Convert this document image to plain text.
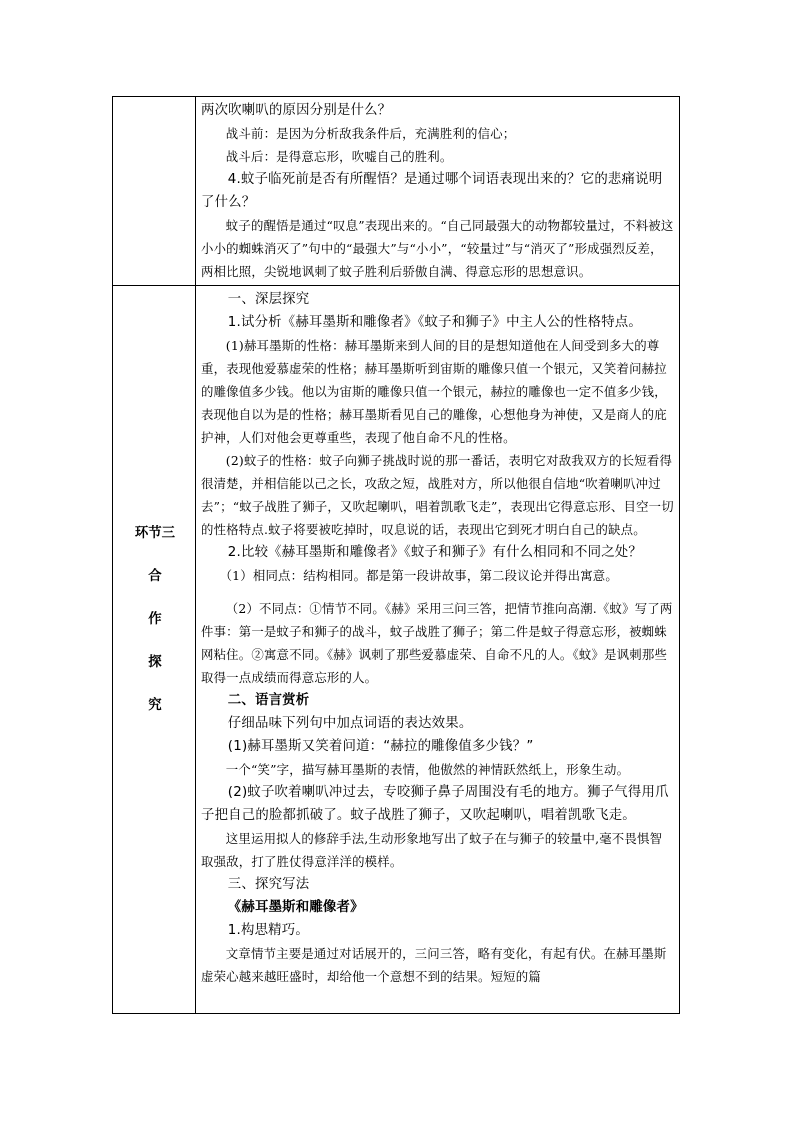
两次吹喇叭的原因分别是什么？

战斗前：是因为分析敌我条件后，充满胜利的信心；

战斗后：是得意忘形，吹嘘自己的胜利。

4.蚊子临死前是否有所醒悟？是通过哪个词语表现出来的？它的悲痛说明了什么？

蚊子的醒悟是通过“叹息”表现出来的。“自己同最强大的动物都较量过，不料被这小小的蜘蛛消灭了”句中的“最强大”与“小小”，“较量过”与“消灭了”形成强烈反差，两相比照，尖锐地讽刺了蚊子胜利后骄傲自满、得意忘形的思想意识。

环节三
合
作
探
究

一、深层探究

1.试分析《赫耳墨斯和雕像者》《蚊子和狮子》中主人公的性格特点。

(1)赫耳墨斯的性格：赫耳墨斯来到人间的目的是想知道他在人间受到多大的尊重，表现他爱慕虚荣的性格；赫耳墨斯听到宙斯的雕像只值一个银元，又笑着问赫拉的雕像值多少钱。他以为宙斯的雕像只值一个银元，赫拉的雕像也一定不值多少钱，表现他自以为是的性格；赫耳墨斯看见自己的雕像，心想他身为神使，又是商人的庇护神，人们对他会更尊重些，表现了他自命不凡的性格。

(2)蚊子的性格：蚊子向狮子挑战时说的那一番话，表明它对敌我双方的长短看得很清楚，并相信能以己之长，攻敌之短，战胜对方，所以他很自信地“吹着喇叭冲过去”；“蚊子战胜了狮子，又吹起喇叭，唱着凯歌飞走”，表现出它得意忘形、目空一切的性格特点.蚊子将要被吃掉时，叹息说的话，表现出它到死才明白自己的缺点。

2.比较《赫耳墨斯和雕像者》《蚊子和狮子》有什么相同和不同之处？

（1）相同点：结构相同。都是第一段讲故事，第二段议论并得出寓意。

（2）不同点：①情节不同。《赫》采用三问三答，把情节推向高潮.《蚊》写了两件事：第一是蚊子和狮子的战斗，蚊子战胜了狮子；第二件是蚊子得意忘形，被蜘蛛网粘住。②寓意不同。《赫》讽刺了那些爱慕虚荣、自命不凡的人。《蚊》是讽刺那些取得一点成绩而得意忘形的人。

二、语言赏析

仔细品味下列句中加点词语的表达效果。

(1)赫耳墨斯又笑着问道：“赫拉的雕像值多少钱？”

一个“笑”字，描写赫耳墨斯的表情，他傲然的神情跃然纸上，形象生动。

(2)蚊子吹着喇叭冲过去，专咬狮子鼻子周围没有毛的地方。狮子气得用爪子把自己的脸都抓破了。蚊子战胜了狮子，又吹起喇叭，唱着凯歌飞走。

这里运用拟人的修辞手法,生动形象地写出了蚊子在与狮子的较量中,毫不畏惧智取强敌，打了胜仗得意洋洋的模样。

三、探究写法

《赫耳墨斯和雕像者》

1.构思精巧。

文章情节主要是通过对话展开的，三问三答，略有变化，有起有伏。在赫耳墨斯虚荣心越来越旺盛时，却给他一个意想不到的结果。短短的篇
